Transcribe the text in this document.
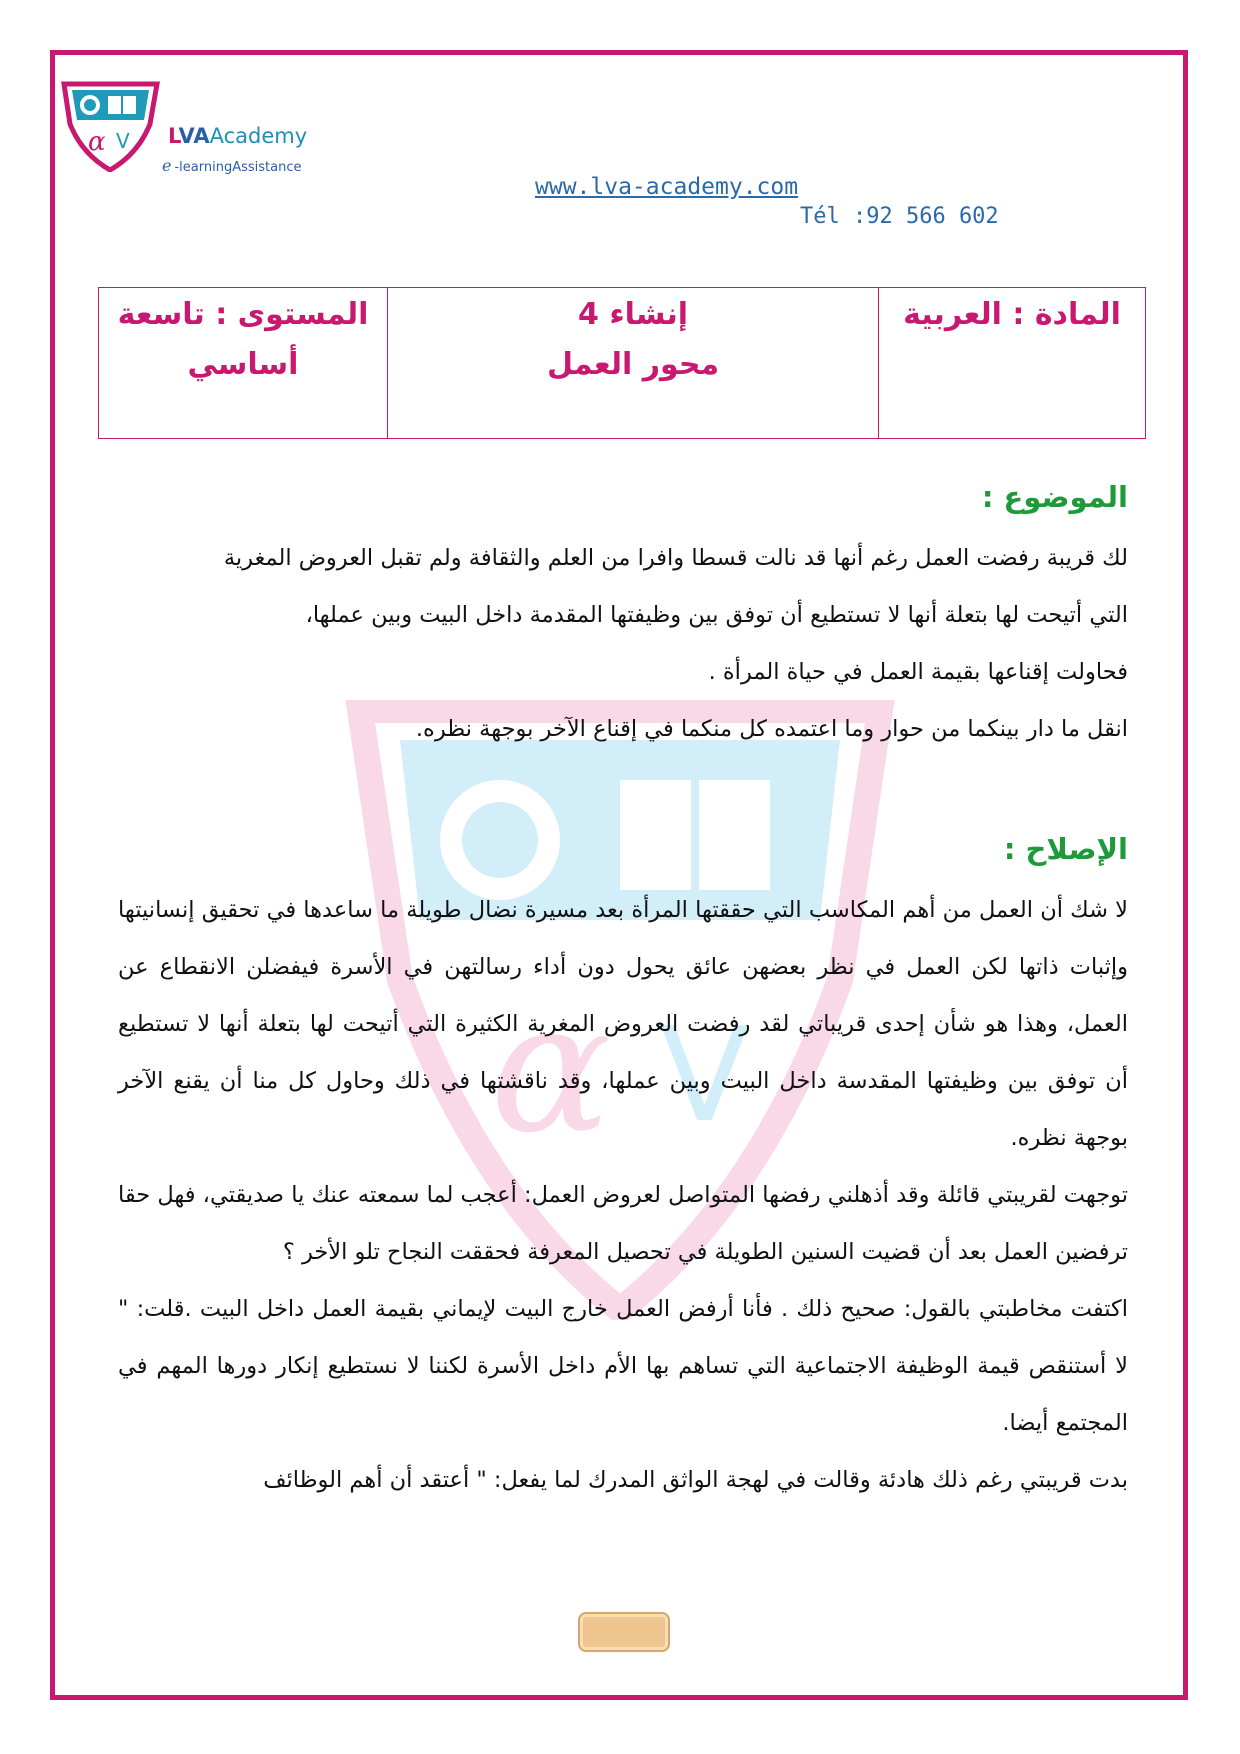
α V LVAAcademy
e -learningAssistance
www.lva-academy.com
Tél :92 566 602
المادة : العربية

إنشاء 4
محور العمل

المستوى : تاسعة
أساسي
α V
الموضوع :

لك قريبة رفضت العمل رغم أنها قد نالت قسطا وافرا من العلم والثقافة ولم تقبل العروض المغرية

التي أتيحت لها بتعلة أنها لا تستطيع أن توفق بين وظيفتها المقدمة داخل البيت وبين عملها،

فحاولت إقناعها بقيمة العمل في حياة المرأة .

انقل ما دار بينكما من حوار وما اعتمده كل منكما في إقناع الآخر بوجهة نظره.

الإصلاح :

لا شك أن العمل من أهم المكاسب التي حققتها المرأة بعد مسيرة نضال طويلة ما ساعدها في تحقيق إنسانيتها وإثبات ذاتها لكن العمل في نظر بعضهن عائق يحول دون أداء رسالتهن في الأسرة فيفضلن الانقطاع عن العمل، وهذا هو شأن إحدى قريباتي لقد رفضت العروض المغرية الكثيرة التي أتيحت لها بتعلة أنها لا تستطيع أن توفق بين وظيفتها المقدسة داخل البيت وبين عملها، وقد ناقشتها في ذلك وحاول كل منا أن يقنع الآخر بوجهة نظره.

توجهت لقريبتي قائلة وقد أذهلني رفضها المتواصل لعروض العمل: أعجب لما سمعته عنك يا صديقتي، فهل حقا ترفضين العمل بعد أن قضيت السنين الطويلة في تحصيل المعرفة فحققت النجاح تلو الأخر ؟

اكتفت مخاطبتي بالقول: صحيح ذلك . فأنا أرفض العمل خارج البيت لإيماني بقيمة العمل داخل البيت .قلت: " لا أستنقص قيمة الوظيفة الاجتماعية التي تساهم بها الأم داخل الأسرة لكننا لا نستطيع إنكار دورها المهم في المجتمع أيضا.

بدت قريبتي رغم ذلك هادئة وقالت في لهجة الواثق المدرك لما يفعل: " أعتقد أن أهم الوظائف
